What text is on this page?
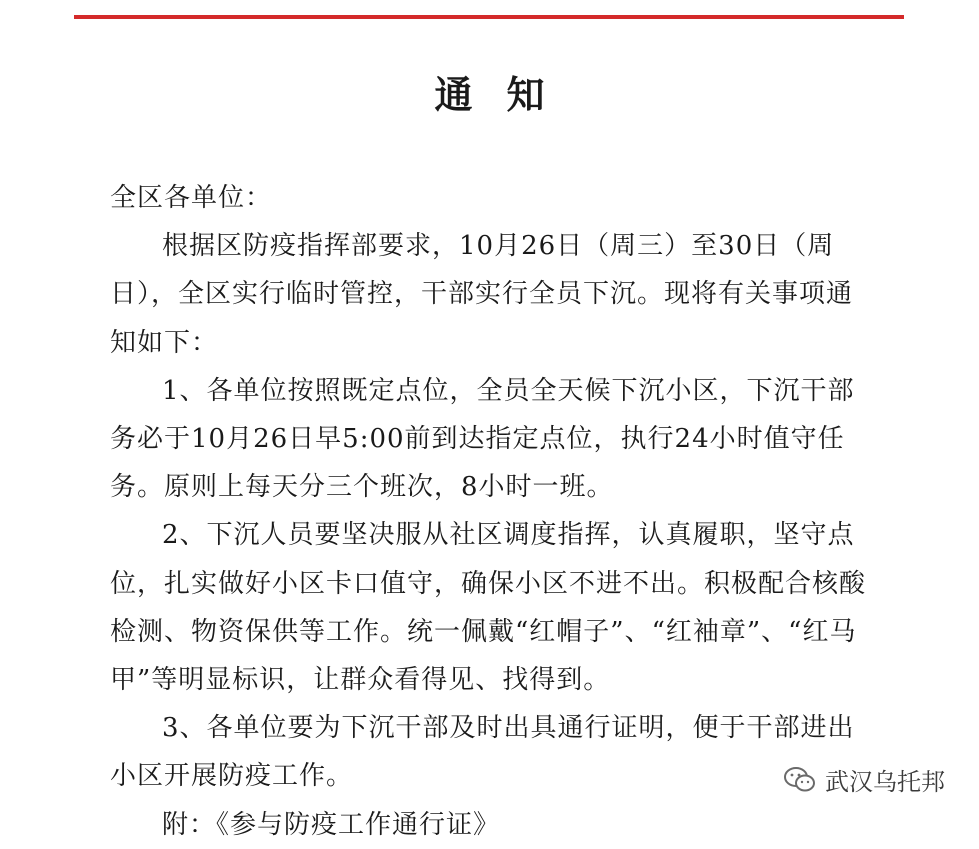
通知

全区各单位：

根据区防疫指挥部要求，10月26日（周三）至30日（周日），全区实行临时管控，干部实行全员下沉。现将有关事项通知如下：

1、各单位按照既定点位，全员全天候下沉小区，下沉干部务必于10月26日早5:00前到达指定点位，执行24小时值守任务。原则上每天分三个班次，8小时一班。

2、下沉人员要坚决服从社区调度指挥，认真履职，坚守点位，扎实做好小区卡口值守，确保小区不进不出。积极配合核酸检测、物资保供等工作。统一佩戴“红帽子”、“红袖章”、“红马甲”等明显标识，让群众看得见、找得到。

3、各单位要为下沉干部及时出具通行证明，便于干部进出小区开展防疫工作。

附：《参与防疫工作通行证》

武汉乌托邦
